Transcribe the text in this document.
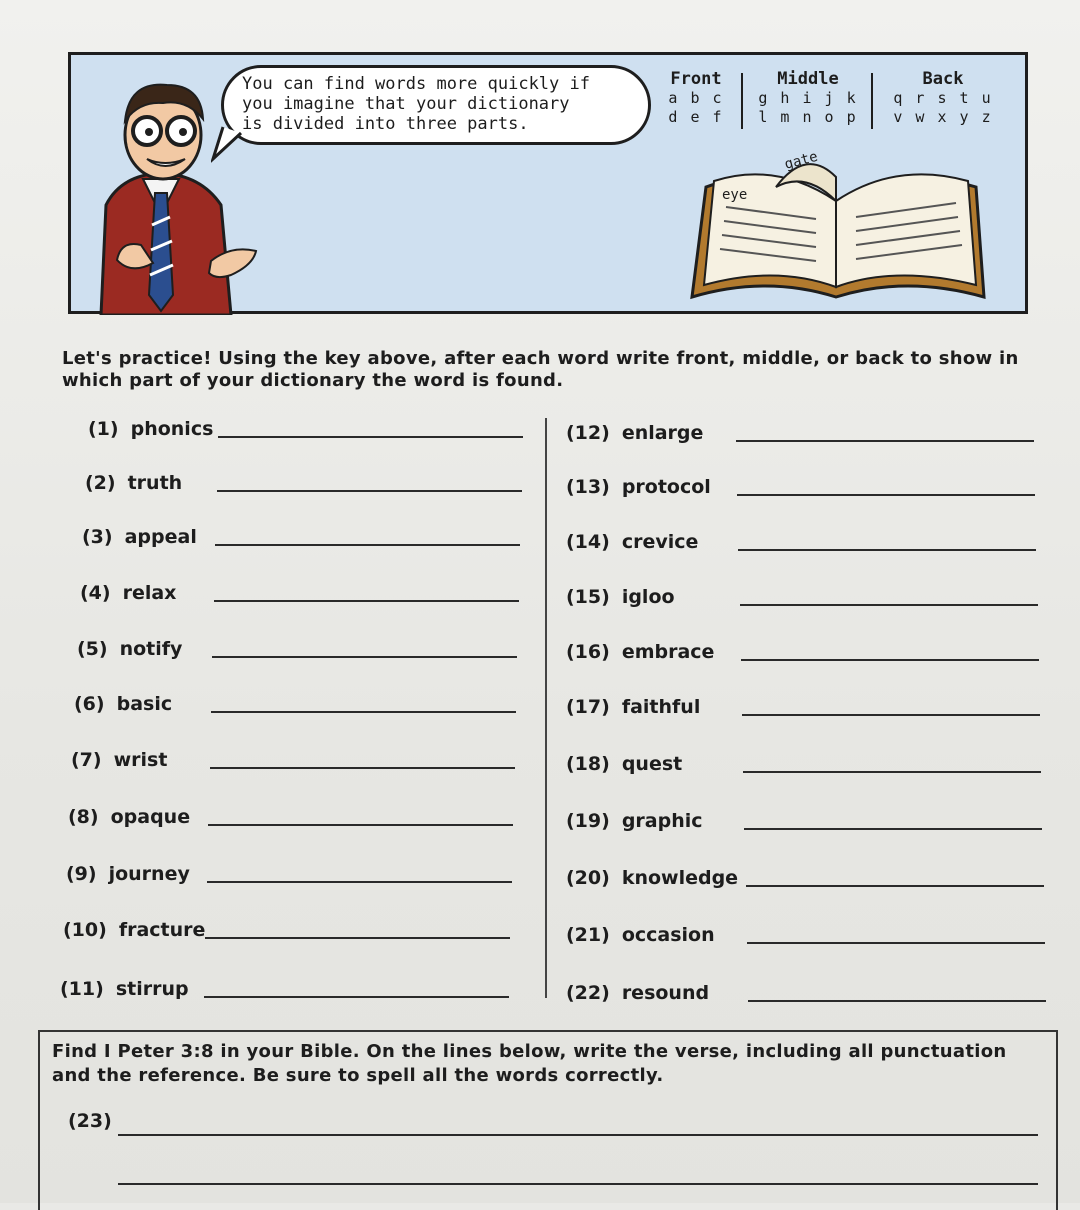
You can find words more quickly if
you imagine that your dictionary
is divided into three parts.
Front
a b c
d e f
Middle
g h i j k
l m n o p
Back
q r s t u
v w x y z
eye
gate
Let's practice! Using the key above, after each word write front, middle, or back to show in which part of your dictionary the word is found.
(1) phonics
(2) truth
(3) appeal
(4) relax
(5) notify
(6) basic
(7) wrist
(8) opaque
(9) journey
(10) fracture
(11) stirrup
(12) enlarge
(13) protocol
(14) crevice
(15) igloo
(16) embrace
(17) faithful
(18) quest
(19) graphic
(20) knowledge
(21) occasion
(22) resound
Find I Peter 3:8 in your Bible. On the lines below, write the verse, including all punctuation and the reference. Be sure to spell all the words correctly.
(23)
